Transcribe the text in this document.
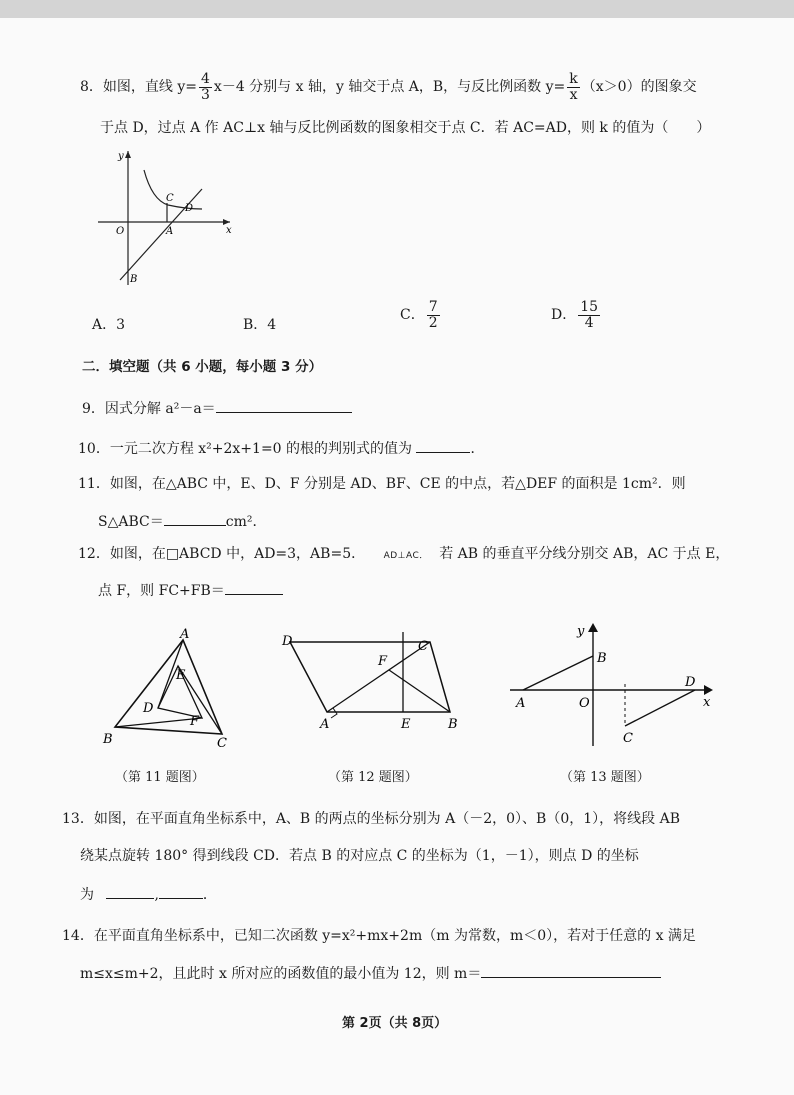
8．如图，直线 $y= \frac{4}{3} x-4$ 分别与 x 轴，y 轴交于点 A，B，与反比例函数 $y= \frac{k}{x} (x>0)$的图象交
于点 D，过点 A 作 AC⊥x 轴与反比例函数的图象相交于点 C．若 AC=AD，则 k 的值为（　　）
y
x
O	A
B
C
D
A．3	B．4
C． $\frac{7}{2}$	D． $\frac{15}{4}$
二．填空题（共 6 小题，每小题 3 分）
9．因式分解 a²－a＝
10．一元二次方程 x²+2x+1=0 的根的判别式的值为	．
11．如图，在△ABC 中，E、D、F 分别是 AD、BF、CE 的中点，若△DEF 的面积是 1cm²．则
S△ABC＝	cm²．
12．如图，在□ABCD 中，AD=3，AB=5． AD⊥AC． 若 AB 的垂直平分线分别交 AB，AC 于点 E，
点 F，则 FC+FB＝
A
B	C
D
E
F
（第 11 题图）
D	C
F
A	E	B
（第 12 题图）
y
x
O
A
B
C
D
（第 13 题图）
13．如图，在平面直角坐标系中，A、B 的两点的坐标分别为 A（－2，0）、B（0，1），将线段 AB
绕某点旋转 180° 得到线段 CD．若点 B 的对应点 C 的坐标为（1，－1），则点 D 的坐标
为	,	．
14．在平面直角坐标系中，已知二次函数 y=x²+mx+2m（m 为常数，m＜0），若对于任意的 x 满足
m≤x≤m+2，且此时 x 所对应的函数值的最小值为 12，则 m＝
第 2页（共 8页）
